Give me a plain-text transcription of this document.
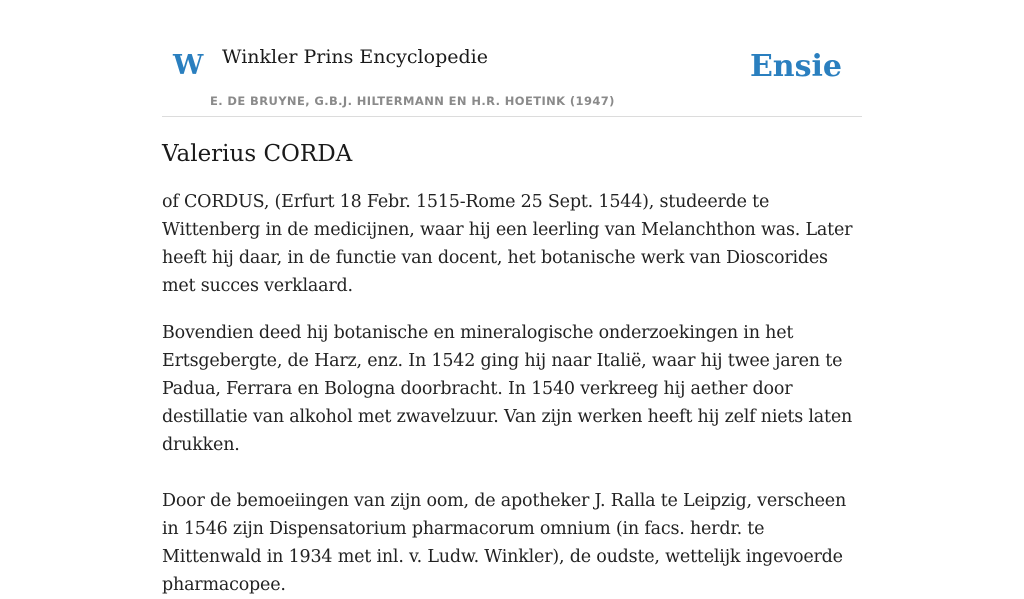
W Winkler Prins Encyclopedie
E. DE BRUYNE, G.B.J. HILTERMANN EN H.R. HOETINK (1947)
Ensie
Valerius CORDA

of CORDUS, (Erfurt 18 Febr. 1515-Rome 25 Sept. 1544), studeerde te Wittenberg in de medicijnen, waar hij een leerling van Melanchthon was. Later heeft hij daar, in de functie van docent, het botanische werk van Dioscorides met succes verklaard.

Bovendien deed hij botanische en mineralogische onderzoekingen in het Ertsgebergte, de Harz, enz. In 1542 ging hij naar Italië, waar hij twee jaren te Padua, Ferrara en Bologna doorbracht. In 1540 verkreeg hij aether door destillatie van alkohol met zwavelzuur. Van zijn werken heeft hij zelf niets laten drukken.

Door de bemoeiingen van zijn oom, de apotheker J. Ralla te Leipzig, verscheen in 1546 zijn Dispensatorium pharmacorum omnium (in facs. herdr. te Mittenwald in 1934 met inl. v. Ludw. Winkler), de oudste, wettelijk ingevoerde pharmacopee.
